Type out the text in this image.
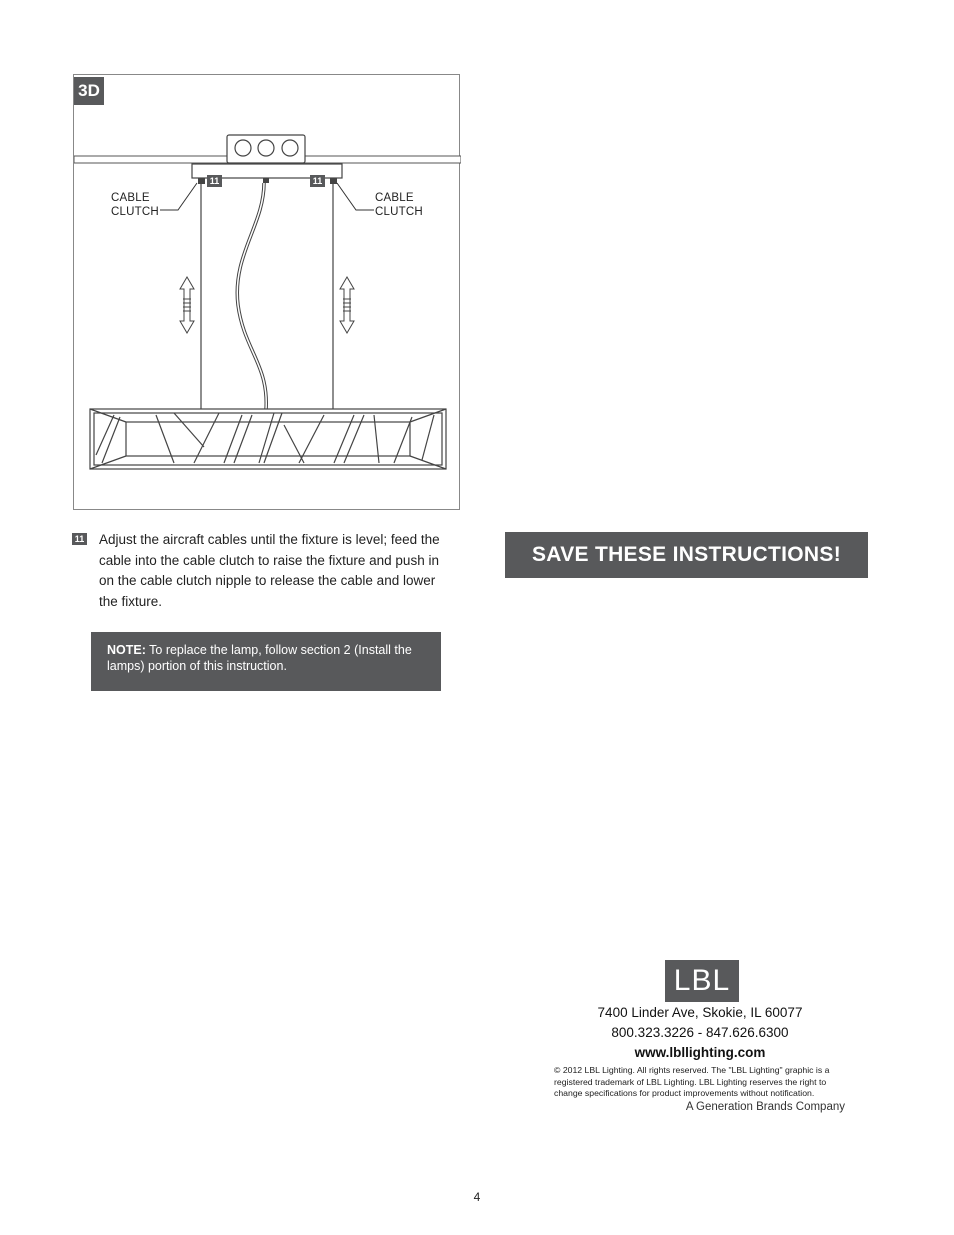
3D
CABLE
CLUTCH
CABLE
CLUTCH
11	11
11 Adjust the aircraft cables until the fixture is level; feed the cable into the cable clutch to raise the fixture and push in on the cable clutch nipple to release the cable and lower the fixture.
NOTE: To replace the lamp, follow section 2 (Install the lamps) portion of this instruction.
SAVE THESE INSTRUCTIONS!
LBL
7400 Linder Ave, Skokie, IL 60077
800.323.3226 - 847.626.6300
www.lbllighting.com
© 2012 LBL Lighting. All rights reserved. The "LBL Lighting" graphic is a registered trademark of LBL Lighting. LBL Lighting reserves the right to change specifications for product improvements without notification.
A Generation Brands Company
4
